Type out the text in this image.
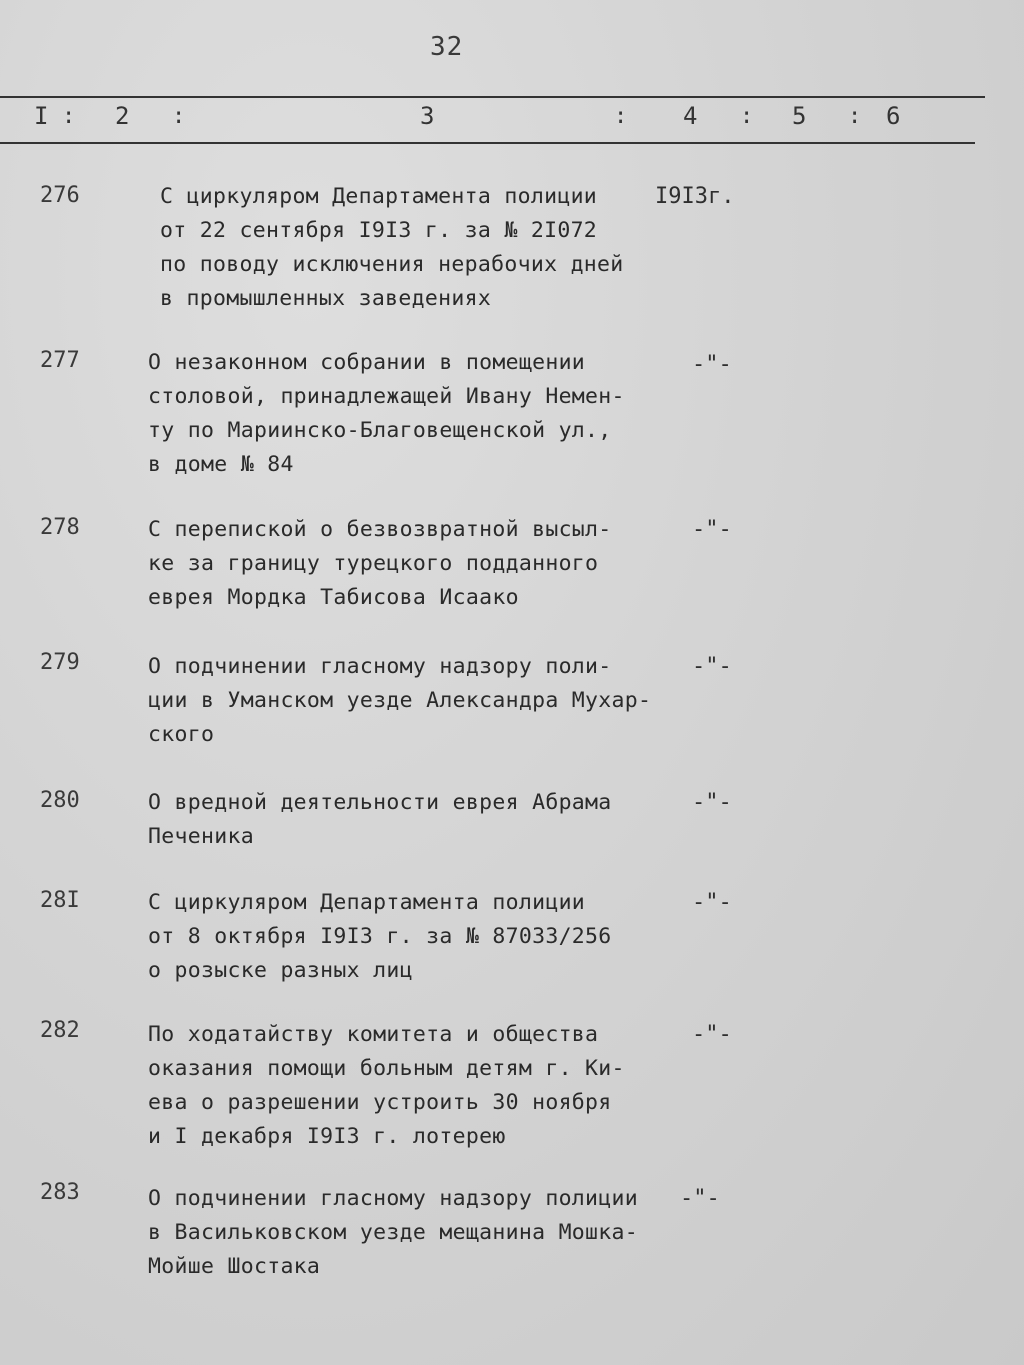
32
I : 2 :	3	: 4 : 5 : 6
276	С циркуляром Департамента полиции
от 22 сентября I9I3 г. за № 2I072
по поводу исключения нерабочих дней
в промышленных заведениях
I9I3г.
277	О незаконном собрании в помещении
столовой, принадлежащей Ивану Немен-
ту по Мариинско-Благовещенской ул.,
в доме № 84
-"-
278	С перепиской о безвозвратной высыл-
ке за границу турецкого подданного
еврея Мордка Табисова Исаако
-"-
279	О подчинении гласному надзору поли-
ции в Уманском уезде Александра Мухар-
ского
-"-
280	О вредной деятельности еврея Абрама
Печеника
-"-
28I	С циркуляром Департамента полиции
от 8 октября I9I3 г. за № 87033/256
о розыске разных лиц
-"-
282	По ходатайству комитета и общества
оказания помощи больным детям г. Ки-
ева о разрешении устроить 30 ноября
и I декабря I9I3 г. лотерею
-"-
283	О подчинении гласному надзору полиции
в Васильковском уезде мещанина Мошка-
Мойше Шостака
-"-
